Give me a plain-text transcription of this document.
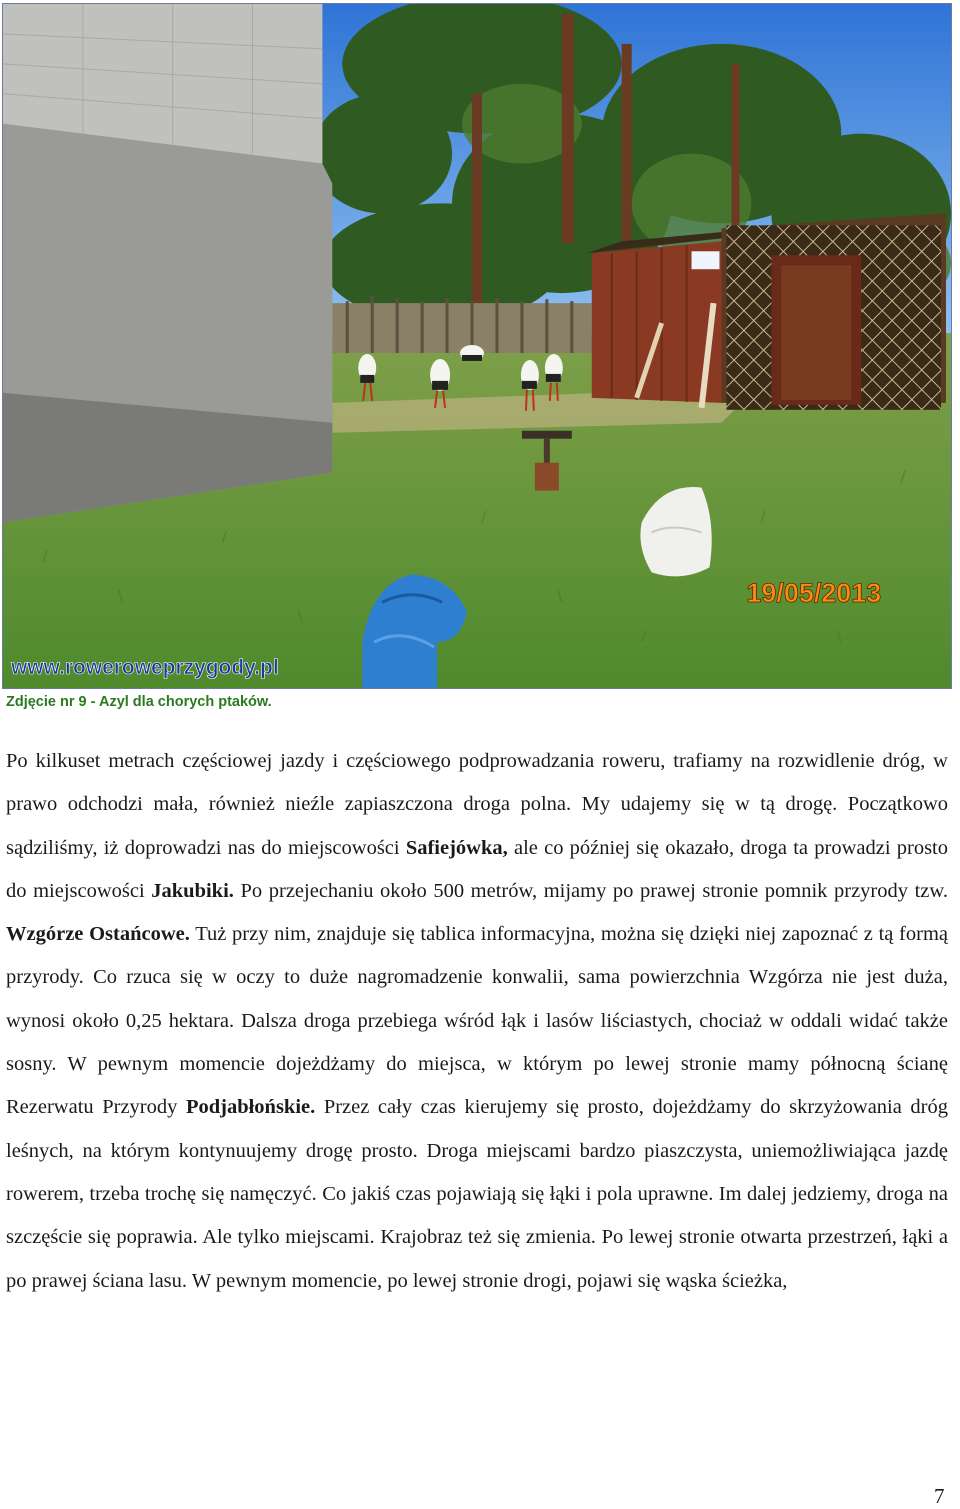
www.roweroweprzygody.pl
19/05/2013
Zdjęcie nr 9 - Azyl dla chorych ptaków.

Po kilkuset metrach częściowej jazdy i częściowego podprowadzania roweru, trafiamy na rozwidlenie dróg, w prawo odchodzi mała, również nieźle zapiaszczona droga polna. My udajemy się w tą drogę. Początkowo sądziliśmy, iż doprowadzi nas do miejscowości Safiejówka, ale co później się okazało, droga ta prowadzi prosto do miejscowości Jakubiki. Po przejechaniu około 500 metrów, mijamy po prawej stronie pomnik przyrody tzw. Wzgórze Ostańcowe. Tuż przy nim, znajduje się tablica informacyjna, można się dzięki niej zapoznać z tą formą przyrody. Co rzuca się w oczy to duże nagromadzenie konwalii, sama powierzchnia Wzgórza nie jest duża, wynosi około 0,25 hektara. Dalsza droga przebiega wśród łąk i lasów liściastych, chociaż w oddali widać także sosny. W pewnym momencie dojeżdżamy do miejsca, w którym po lewej stronie mamy północną ścianę Rezerwatu Przyrody Podjabłońskie. Przez cały czas kierujemy się prosto, dojeżdżamy do skrzyżowania dróg leśnych, na którym kontynuujemy drogę prosto. Droga miejscami bardzo piaszczysta, uniemożliwiająca jazdę rowerem, trzeba trochę się namęczyć. Co jakiś czas pojawiają się łąki i pola uprawne. Im dalej jedziemy, droga na szczęście się poprawia. Ale tylko miejscami. Krajobraz też się zmienia. Po lewej stronie otwarta przestrzeń, łąki a po prawej ściana lasu. W pewnym momencie, po lewej stronie drogi, pojawi się wąska ścieżka,

7
